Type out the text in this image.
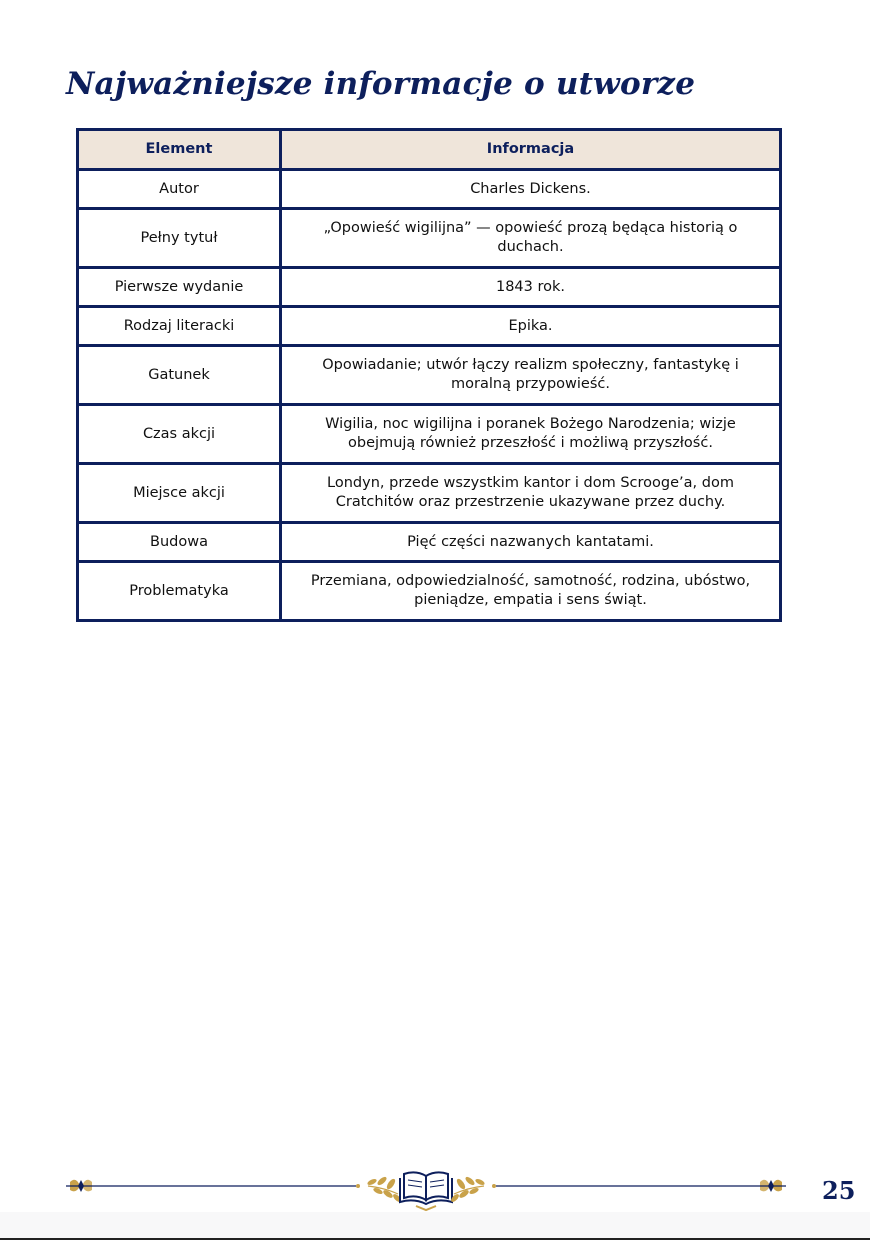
Najważniejsze informacje o utworze
Element	Informacja
Autor	Charles Dickens.
Pełny tytuł	„Opowieść wigilijna” — opowieść prozą będąca historią o duchach.
Pierwsze wydanie	1843 rok.
Rodzaj literacki	Epika.
Gatunek	Opowiadanie; utwór łączy realizm społeczny, fantastykę i moralną przypowieść.
Czas akcji	Wigilia, noc wigilijna i poranek Bożego Narodzenia; wizje obejmują również przeszłość i możliwą przyszłość.
Miejsce akcji	Londyn, przede wszystkim kantor i dom Scrooge’a, dom Cratchitów oraz przestrzenie ukazywane przez duchy.
Budowa	Pięć części nazwanych kantatami.
Problematyka	Przemiana, odpowiedzialność, samotność, rodzina, ubóstwo, pieniądze, empatia i sens świąt.

25
